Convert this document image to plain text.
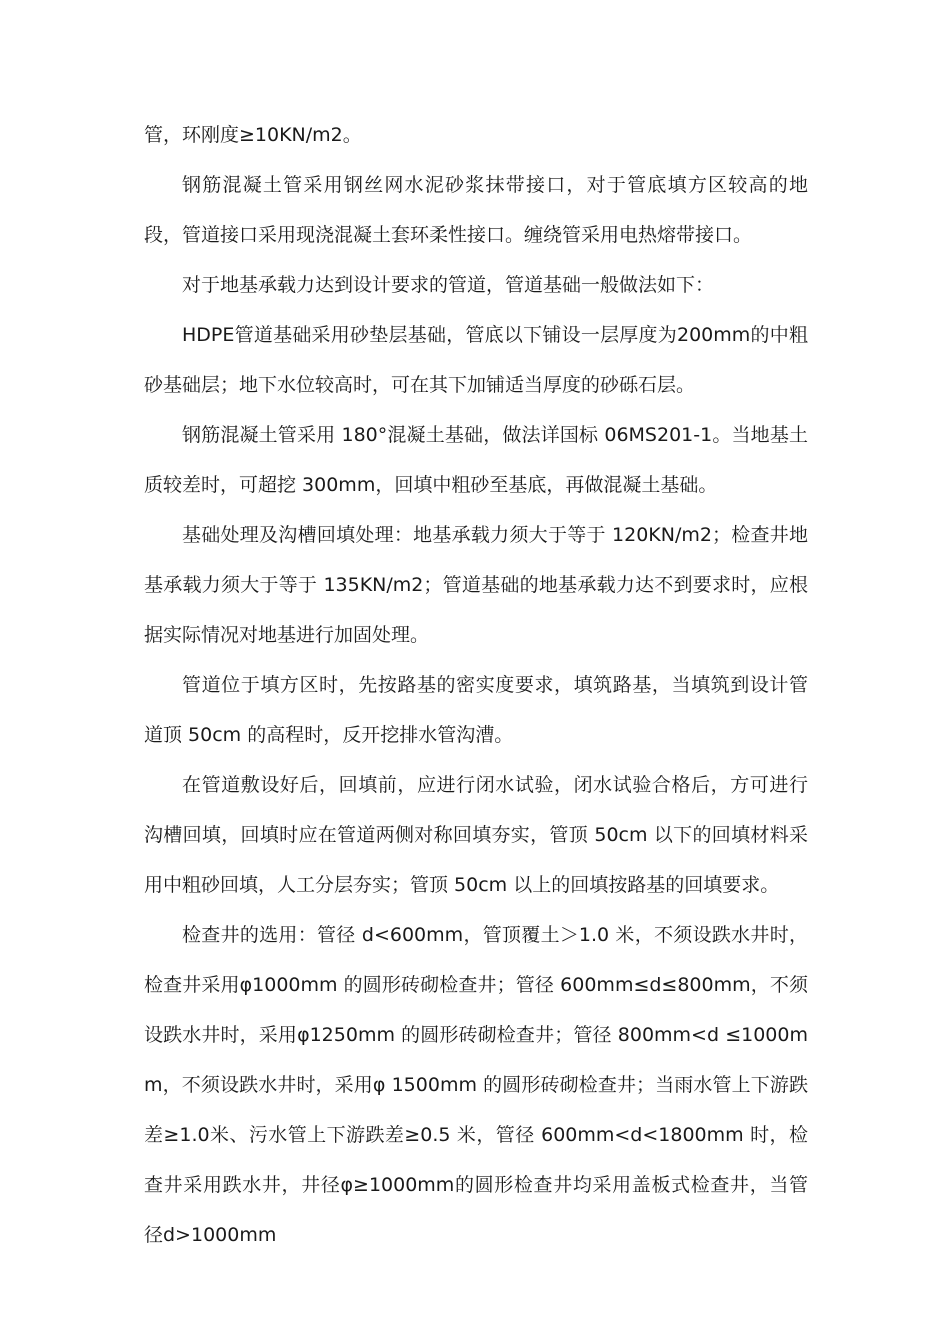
管，环刚度≥10KN/m2。

钢筋混凝土管采用钢丝网水泥砂浆抹带接口，对于管底填方区较高的地段，管道接口采用现浇混凝土套环柔性接口。缠绕管采用电热熔带接口。

对于地基承载力达到设计要求的管道，管道基础一般做法如下：

HDPE管道基础采用砂垫层基础，管底以下铺设一层厚度为200mm的中粗砂基础层；地下水位较高时，可在其下加铺适当厚度的砂砾石层。

钢筋混凝土管采用 180°混凝土基础，做法详国标 06MS201-1。当地基土质较差时，可超挖 300mm，回填中粗砂至基底，再做混凝土基础。

基础处理及沟槽回填处理：地基承载力须大于等于 120KN/m2；检查井地基承载力须大于等于 135KN/m2；管道基础的地基承载力达不到要求时，应根据实际情况对地基进行加固处理。

管道位于填方区时，先按路基的密实度要求，填筑路基，当填筑到设计管道顶 50cm 的高程时，反开挖排水管沟漕。

在管道敷设好后，回填前，应进行闭水试验，闭水试验合格后，方可进行沟槽回填，回填时应在管道两侧对称回填夯实，管顶 50cm 以下的回填材料采用中粗砂回填，人工分层夯实；管顶 50cm 以上的回填按路基的回填要求。

检查井的选用：管径 d<600mm，管顶覆土＞1.0 米，不须设跌水井时，检查井采用φ1000mm 的圆形砖砌检查井；管径 600mm≤d≤800mm，不须设跌水井时，采用φ1250mm 的圆形砖砌检查井；管径 800mm<d ≤1000mm，不须设跌水井时，采用φ 1500mm 的圆形砖砌检查井；当雨水管上下游跌差≥1.0米、污水管上下游跌差≥0.5 米，管径 600mm<d<1800mm 时，检查井采用跌水井，井径φ≥1000mm的圆形检查井均采用盖板式检查井，当管径d>1000mm
